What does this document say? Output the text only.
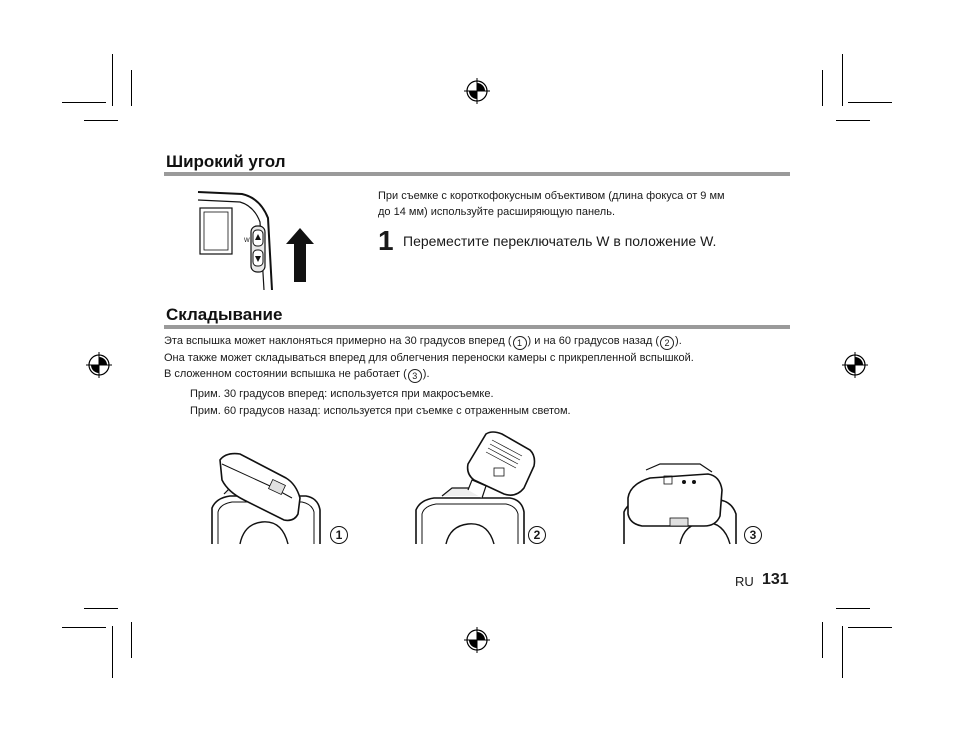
Широкий угол
W
При съемке с короткофокусным объективом (длина фокуса от 9 мм
до 14 мм) используйте расширяющую панель.
1 Переместите переключатель W в положение W.
Складывание
Эта вспышка может наклоняться примерно на 30 градусов вперед ( 1 ) и на 60 градусов назад ( 2 ).
Она также может складываться вперед для облегчения переноски камеры с прикрепленной вспышкой.
В сложенном состоянии вспышка не работает ( 3 ).
Прим. 30 градусов вперед: используется при макросъемке.
Прим. 60 градусов назад: используется при съемке с отраженным светом.
1	2	3
RU 131
